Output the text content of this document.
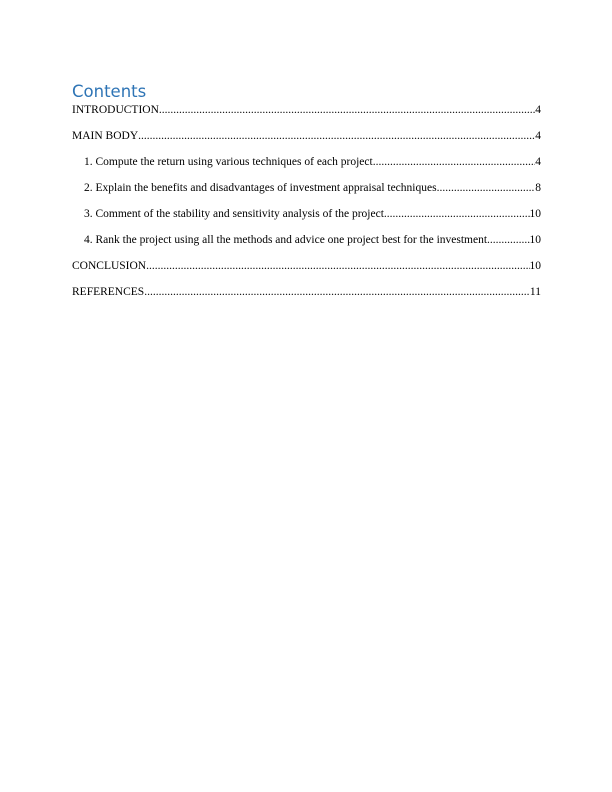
Contents
INTRODUCTION .....	4
MAIN BODY .....	4
1. Compute the return using various techniques of each project .....	4
2. Explain the benefits and disadvantages of investment appraisal techniques .....	8
3. Comment of the stability and sensitivity analysis of the project .....	10
4. Rank the project using all the methods and advice one project best for the investment .....	10
CONCLUSION .....	10
REFERENCES .....	11
